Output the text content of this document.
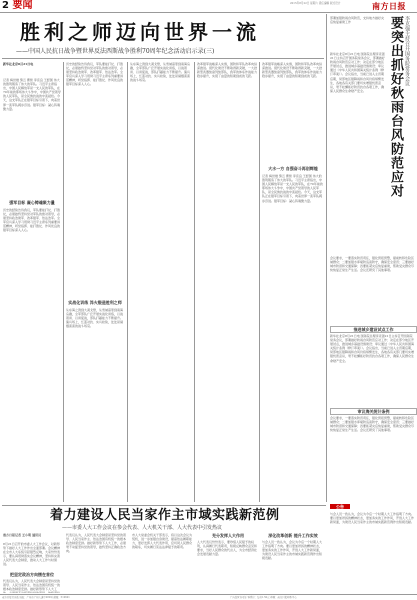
2 要闻	2015年8月22日 星期六 责任编辑 版式设计	南方日报
胜利之师迈向世界一流
——中国人民抗日战争暨世界反法西斯战争胜利70周年纪念活动启示录(三)
新华社北京8月21日电
记者 梅世雄 黎云 曹智 李宣良 王经国 伟大的胜利锻造了伟大的军队。习近平主席指出，中国人民解放军是一支人民的军队，在70年前的那场伟大斗争中，中国共产党领导的人民军队，是全民族抗战的中流砥柱。今天，这支军队正在强军目标引领下，向着世界一流军队阔步迈进。强军目标：凝心铸魂聚力量。
强军目标 凝心铸魂聚力量
历史的经验告诉我们，军队要能打仗、打胜仗，必须始终坚持党对军队的绝对领导，必须坚持政治建军、改革强军、依法治军。全军官兵深入学习贯彻习近平主席系列重要讲话精神，听党指挥、能打胜仗、作风优良的强军目标深入人心。
历史的经验告诉我们，军队要能打仗、打胜仗，必须始终坚持党对军队的绝对领导，必须坚持政治建军、改革强军、依法治军。全军官兵深入学习贯彻习近平主席系列重要讲话精神，听党指挥、能打胜仗、作风优良的强军目标深入人心。
实战化训练 淬火锻造胜利之师
从东海之滨到大漠戈壁，从雪域高原到南海岛礁，全军部队广泛开展实战化训练，以战领训、以训促战，部队打赢能力不断提升。演兵场上，红蓝对抗、实兵检验，处处是硝烟滚滚的战斗场景。
从东海之滨到大漠戈壁，从雪域高原到南海岛礁，全军部队广泛开展实战化训练，以战领训、以训促战，部队打赢能力不断提升。演兵场上，红蓝对抗、实兵检验，处处是硝烟滚滚的战斗场景。
改革强军战略深入实施，国防和军队改革向纵深推进。现代化建设不断取得新突破，一大批新型武器装备列装部队，我军的体系作战能力稳步提升，实现了由量的积累到质的飞跃。
改革强军战略深入实施，国防和军队改革向纵深推进。现代化建设不断取得新突破，一大批新型武器装备列装部队，我军的体系作战能力稳步提升，实现了由量的积累到质的飞跃。
大水一方 自强奋斗再创辉煌
记者 梅世雄 黎云 曹智 李宣良 王经国 伟大的胜利锻造了伟大的军队。习近平主席指出，中国人民解放军是一支人民的军队，在70年前的那场伟大斗争中，中国共产党领导的人民军队，是全民族抗战的中流砥柱。今天，这支军队正在强军目标引领下，向着世界一流军队阔步迈进。强军目标：凝心铸魂聚力量。
部署加强秋雨台风防范，支持地方做好灾后恢复重建工作	李克强主持召开国务院常务会议
要突出抓好秋雨台风防范应对
新华社北京8月21日电 国务院总理李克强21日主持召开国务院常务会议，部署做好秋雨台风防范应对工作；决定在部分地区开展试点，推进城乡基础设施建设；审议通过《中华人民共和国海关统计条例（修订草案）》。会议指出，当前已进入主汛期后期，局部地区强降雨和台风仍将频繁发生，各地各有关部门要切实增强忧患意识，毫不松懈抓好防汛抗台各项工作，确保人民群众生命财产安全。
会议要求，一要落实防汛责任，强化预报预警，提前转移危险区域群众；二要加强水库堤防巡查防守，确保安全度汛；三要做好城市防涝和交通保障；四要抓紧灾后恢复重建，帮助受灾群众尽快恢复正常生产生活。会议还研究了其他事项。
推进城乡建设试点工作
新华社北京8月21日电 国务院总理李克强21日主持召开国务院常务会议，部署做好秋雨台风防范应对工作；决定在部分地区开展试点，推进城乡基础设施建设；审议通过《中华人民共和国海关统计条例（修订草案）》。会议指出，当前已进入主汛期后期，局部地区强降雨和台风仍将频繁发生，各地各有关部门要切实增强忧患意识，毫不松懈抓好防汛抗台各项工作，确保人民群众生命财产安全。
审议海关统计条例
会议要求，一要落实防汛责任，强化预报预警，提前转移危险区域群众；二要加强水库堤防巡查防守，确保安全度汛；三要做好城市防涝和交通保障；四要抓紧灾后恢复重建，帮助受灾群众尽快恢复正常生产生活。会议还研究了其他事项。
公告
着力建设人民当家作主市域实践新范例
——市委人大工作会议在参会代表、人大机关干部、人大代表中引发热议
南方日报记者 王小明 通讯员
8月21日召开的市委人大工作会议，对新形势下做好人大工作作出全面部署。会议精神在全市人大系统引起强烈反响，大家纷纷表示，要认真贯彻落实会议精神，坚持和完善人民代表大会制度，推动人大工作与时俱进。
把坚定政治方向摆在首位
代表们认为，人民代表大会制度是坚持党的领导、人民当家作主、依法治国有机统一的根本政治制度安排。做好新形势下人大工
代表们认为，人民代表大会制度是坚持党的领导、人民当家作主、依法治国有机统一的根本政治制度安排。做好新形势下人大工作，必须毫不动摇坚持党的领导，始终坚持正确政治方向。
市人大常委会机关干部表示，将以这次会议为契机，进一步加强自身建设，提高依法履职能力，更好发挥人大代表作用，密切同人民群众的联系，切实履行宪法法律赋予的职责。
充分发挥人大作用
人大代表们纷纷表示，要珍惜人民赋予的权利，认真履行代表职责，积极反映群众意见和要求，当好人民群众的代言人，为全市经济社会发展贡献力量。
深化改革创新 提升工作实效
与会人员一致认为，会议为今后一个时期人大工作指明了方向。要以更加昂扬的精神状态，更加务实的工作作风，开创人大工作新局面，为建设人民当家作主的市域实践新范例作出积极贡献。
与会人员一致认为，会议为今后一个时期人大工作指明了方向。要以更加昂扬的精神状态，更加务实的工作作风，开创人大工作新局面，为建设人民当家作主的市域实践新范例作出积极贡献。
南方日报社出版 地址：广州市广州大道中289号 邮编：510601	广告经营许可证 零售价：每份1.50元 印刷：南方日报印务中心
